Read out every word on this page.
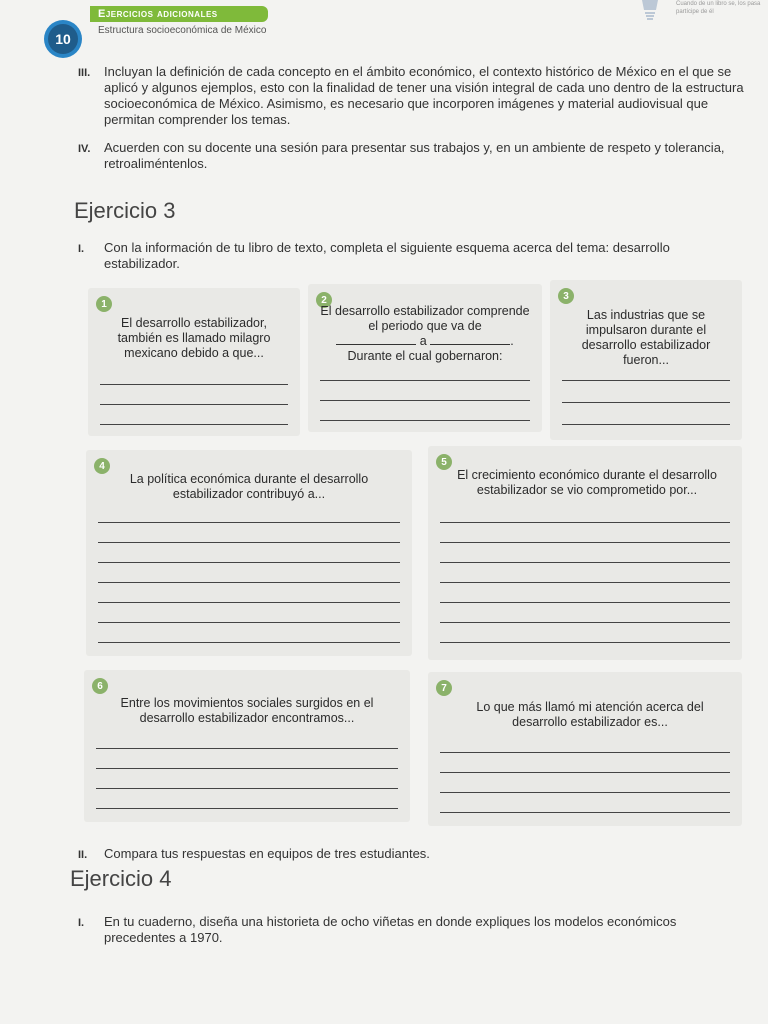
10
Ejercicios adicionales
Estructura socioeconómica de México
Cuando de un libro se, los pasa partícipe de él
III. Incluyan la definición de cada concepto en el ámbito económico, el contexto histórico de México en el que se aplicó y algunos ejemplos, esto con la finalidad de tener una visión integral de cada uno dentro de la estructura socioeconómica de México. Asimismo, es necesario que incorporen imágenes y material audiovisual que permitan comprender los temas.
IV. Acuerden con su docente una sesión para presentar sus trabajos y, en un ambiente de respeto y tolerancia, retroaliméntenlos.
Ejercicio 3
I. Con la información de tu libro de texto, completa el siguiente esquema acerca del tema: desarrollo estabilizador.
1
El desarrollo estabilizador, también es llamado milagro mexicano debido a que...
2
El desarrollo estabilizador comprende el periodo que va de
a	.
Durante el cual gobernaron:
3
Las industrias que se impulsaron durante el desarrollo estabilizador fueron...
4
La política económica durante el desarrollo estabilizador contribuyó a...
5
El crecimiento económico durante el desarrollo estabilizador se vio comprometido por...
6
Entre los movimientos sociales surgidos en el desarrollo estabilizador encontramos...
7
Lo que más llamó mi atención acerca del desarrollo estabilizador es...
II. Compara tus respuestas en equipos de tres estudiantes.
Ejercicio 4
I. En tu cuaderno, diseña una historieta de ocho viñetas en donde expliques los modelos económicos precedentes a 1970.
